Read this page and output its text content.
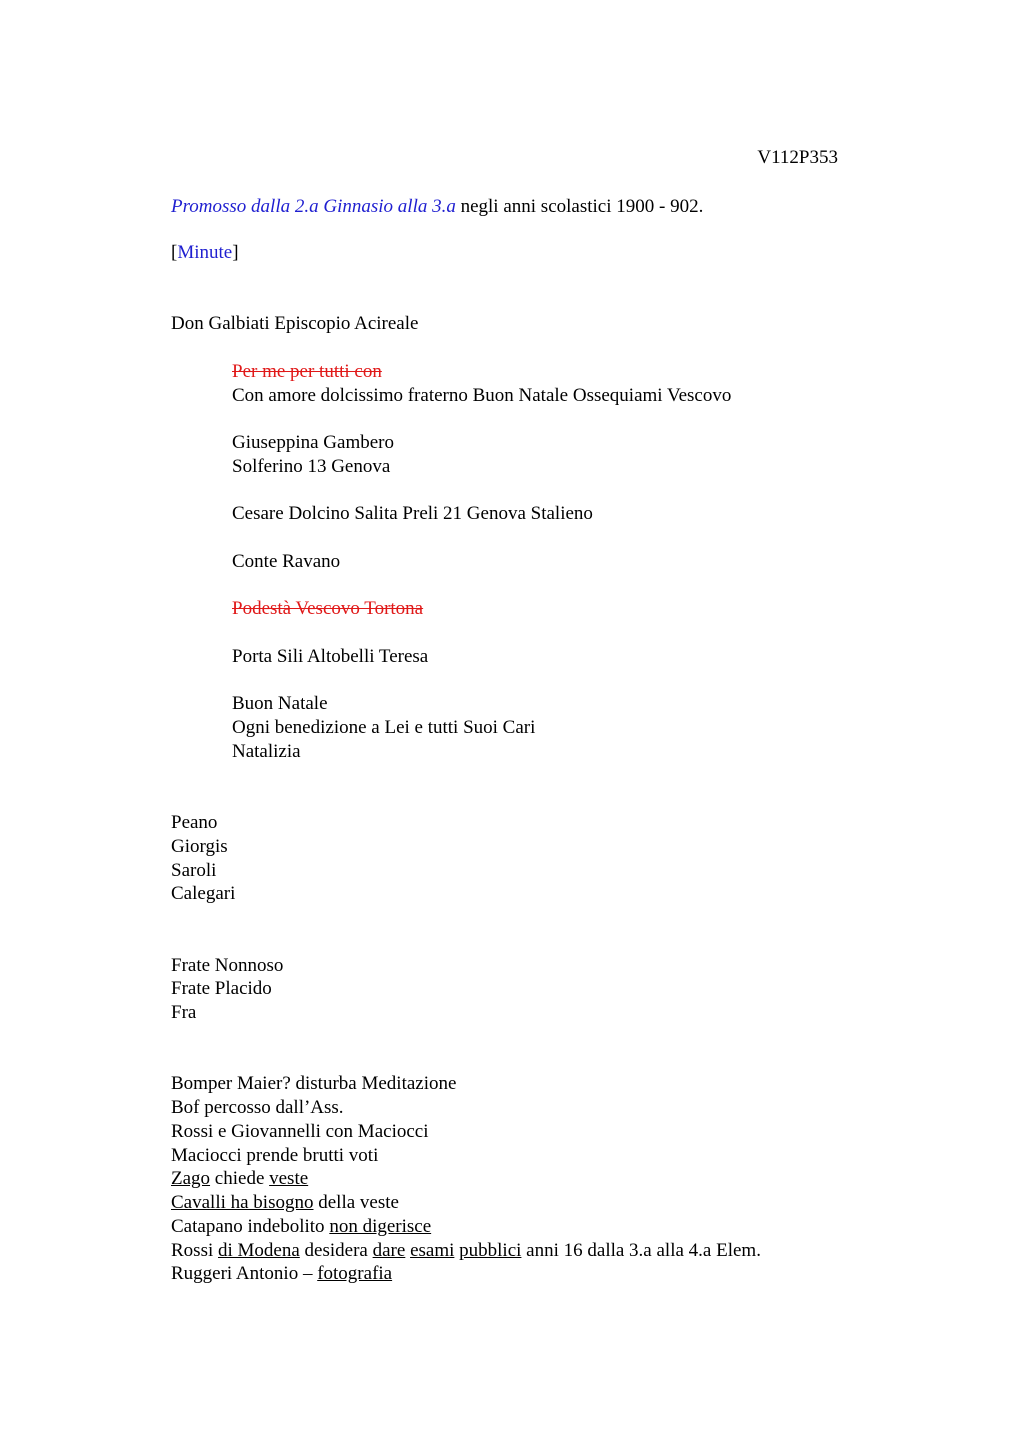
V112P353
Promosso dalla 2.a Ginnasio alla 3.a negli anni scolastici 1900 - 902.
[Minute]
Don Galbiati Episcopio Acireale
Per me per tutti con
Con amore dolcissimo fraterno Buon Natale Ossequiami Vescovo
Giuseppina Gambero
Solferino 13 Genova
Cesare Dolcino Salita Preli 21 Genova Stalieno
Conte Ravano
Podestà Vescovo Tortona
Porta Sili Altobelli Teresa
Buon Natale
Ogni benedizione a Lei e tutti Suoi Cari
Natalizia
Peano
Giorgis
Saroli
Calegari
Frate Nonnoso
Frate Placido
Fra
Bomper Maier? disturba Meditazione
Bof percosso dall’Ass.
Rossi e Giovannelli con Maciocci
Maciocci prende brutti voti
Zago chiede veste
Cavalli ha bisogno della veste
Catapano indebolito non digerisce
Rossi di Modena desidera dare esami pubblici anni 16 dalla 3.a alla 4.a Elem.
Ruggeri Antonio – fotografia
